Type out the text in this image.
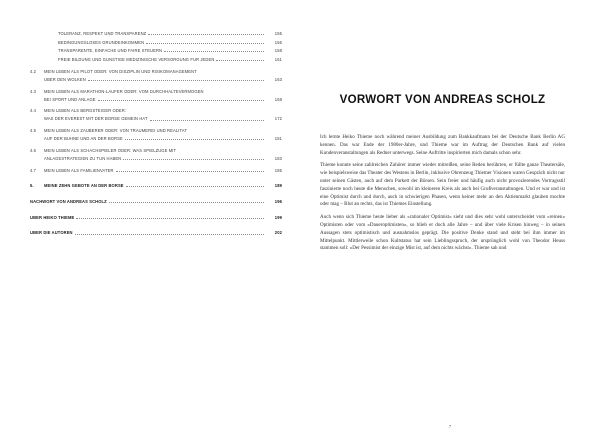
TOLERANZ, RESPEKT UND TRANSPARENZ	155
BEDINGUNGSLOSES GRUNDEINKOMMEN	156
TRANSPARENTE, EINFACHE UND FAIRE STEUERN	158
FREIE BILDUNG UND GUNSTIGE MEDIZINISCHE VERSORGUNG FUR JEDEN	161
4.2	MEIN LEBEN ALS PILOT ODER: VON DISZIPLIN UND RISIKOMANAGEMENT
UBER DEN WOLKEN	163
4.3	MEIN LEBEN ALS MARATHON-LAUFER ODER: VOM DURCHHALTEVERMOGEN
BEI SPORT UND ANLAGE	168
4.4	MEIN LEBEN ALS BERGSTEIGER ODER:
WAS DER EVEREST MIT DER BORSE GEMEIN HAT	172
4.5	MEIN LEBEN ALS ZAUBERER ODER: VON TRAUMEREI UND REALITAT
AUF DER BUHNE UND AN DER BORSE	181
4.6	MEIN LEBEN ALS SCHACHSPIELER ODER: WAS SPIELZUGE MIT
ANLAGESTRATEGIEN ZU TUN HABEN	183
4.7	MEIN LEBEN ALS FAMILIENVATER	185
5.	MEINE ZEHN GEBOTE AN DER BORSE	189
NACHWORT VON ANDREAS SCHOLZ	196
UBER HEIKO THIEME	199
UBER DIE AUTOREN	202
VORWORT VON ANDREAS SCHOLZ

Ich lernte Heiko Thieme noch während meiner Ausbildung zum Bankkaufmann bei der Deutsche Bank Berlin AG kennen. Das war Ende der 1980er-Jahre, und Thieme war im Auftrag der Deutschen Bank auf vielen Kundenveranstaltungen als Redner unterwegs. Seine Auftritte inspirierten mich damals schon sehr.

Thieme konnte seine zahlreichen Zuhörer immer wieder mitreißen, seine Reden berührten, er füllte ganze Theatersäle, wie beispielsweise das Theater des Westens in Berlin, inklusive Ohrenzeug Thiemer Visionen waren Gespräch nicht nur unter seinen Gästen, auch auf dem Parkett der Börsen. Sein freier und häufig auch nicht provozierendes Vortragsstil faszinierte noch heute die Menschen, sowohl im kleineren Kreis als auch bei Großveranstaltungen. Und er war und ist eine Optimist durch und durch, auch in schwierigen Phasen, wenn keiner mehr an den Aktienmarkt glauben mochte oder mag – Blut an rechts, das ist Thiemes Einstellung.

Auch wenn sich Thieme heute lieber als »rationaler Optimist« sieht und dies sehr wohl unterscheidet vom »reinen« Optimisten oder vom »Daueroptimisten«, so blieb er doch alle Jahre – und über viele Krisen hinweg – in seinen Aussagen stets optimistisch und ausnahmslos geprägt. Die positive Denke stand und steht bei ihm immer im Mittelpunkt. Mittlerweile schon Kultstatus hat sein Lieblingsspruch, der ursprünglich wohl von Theodor Heuss stammen soll: »Der Pessimist der einzige Mist ist, auf dem nichts wächst«. Thieme sah und

7
